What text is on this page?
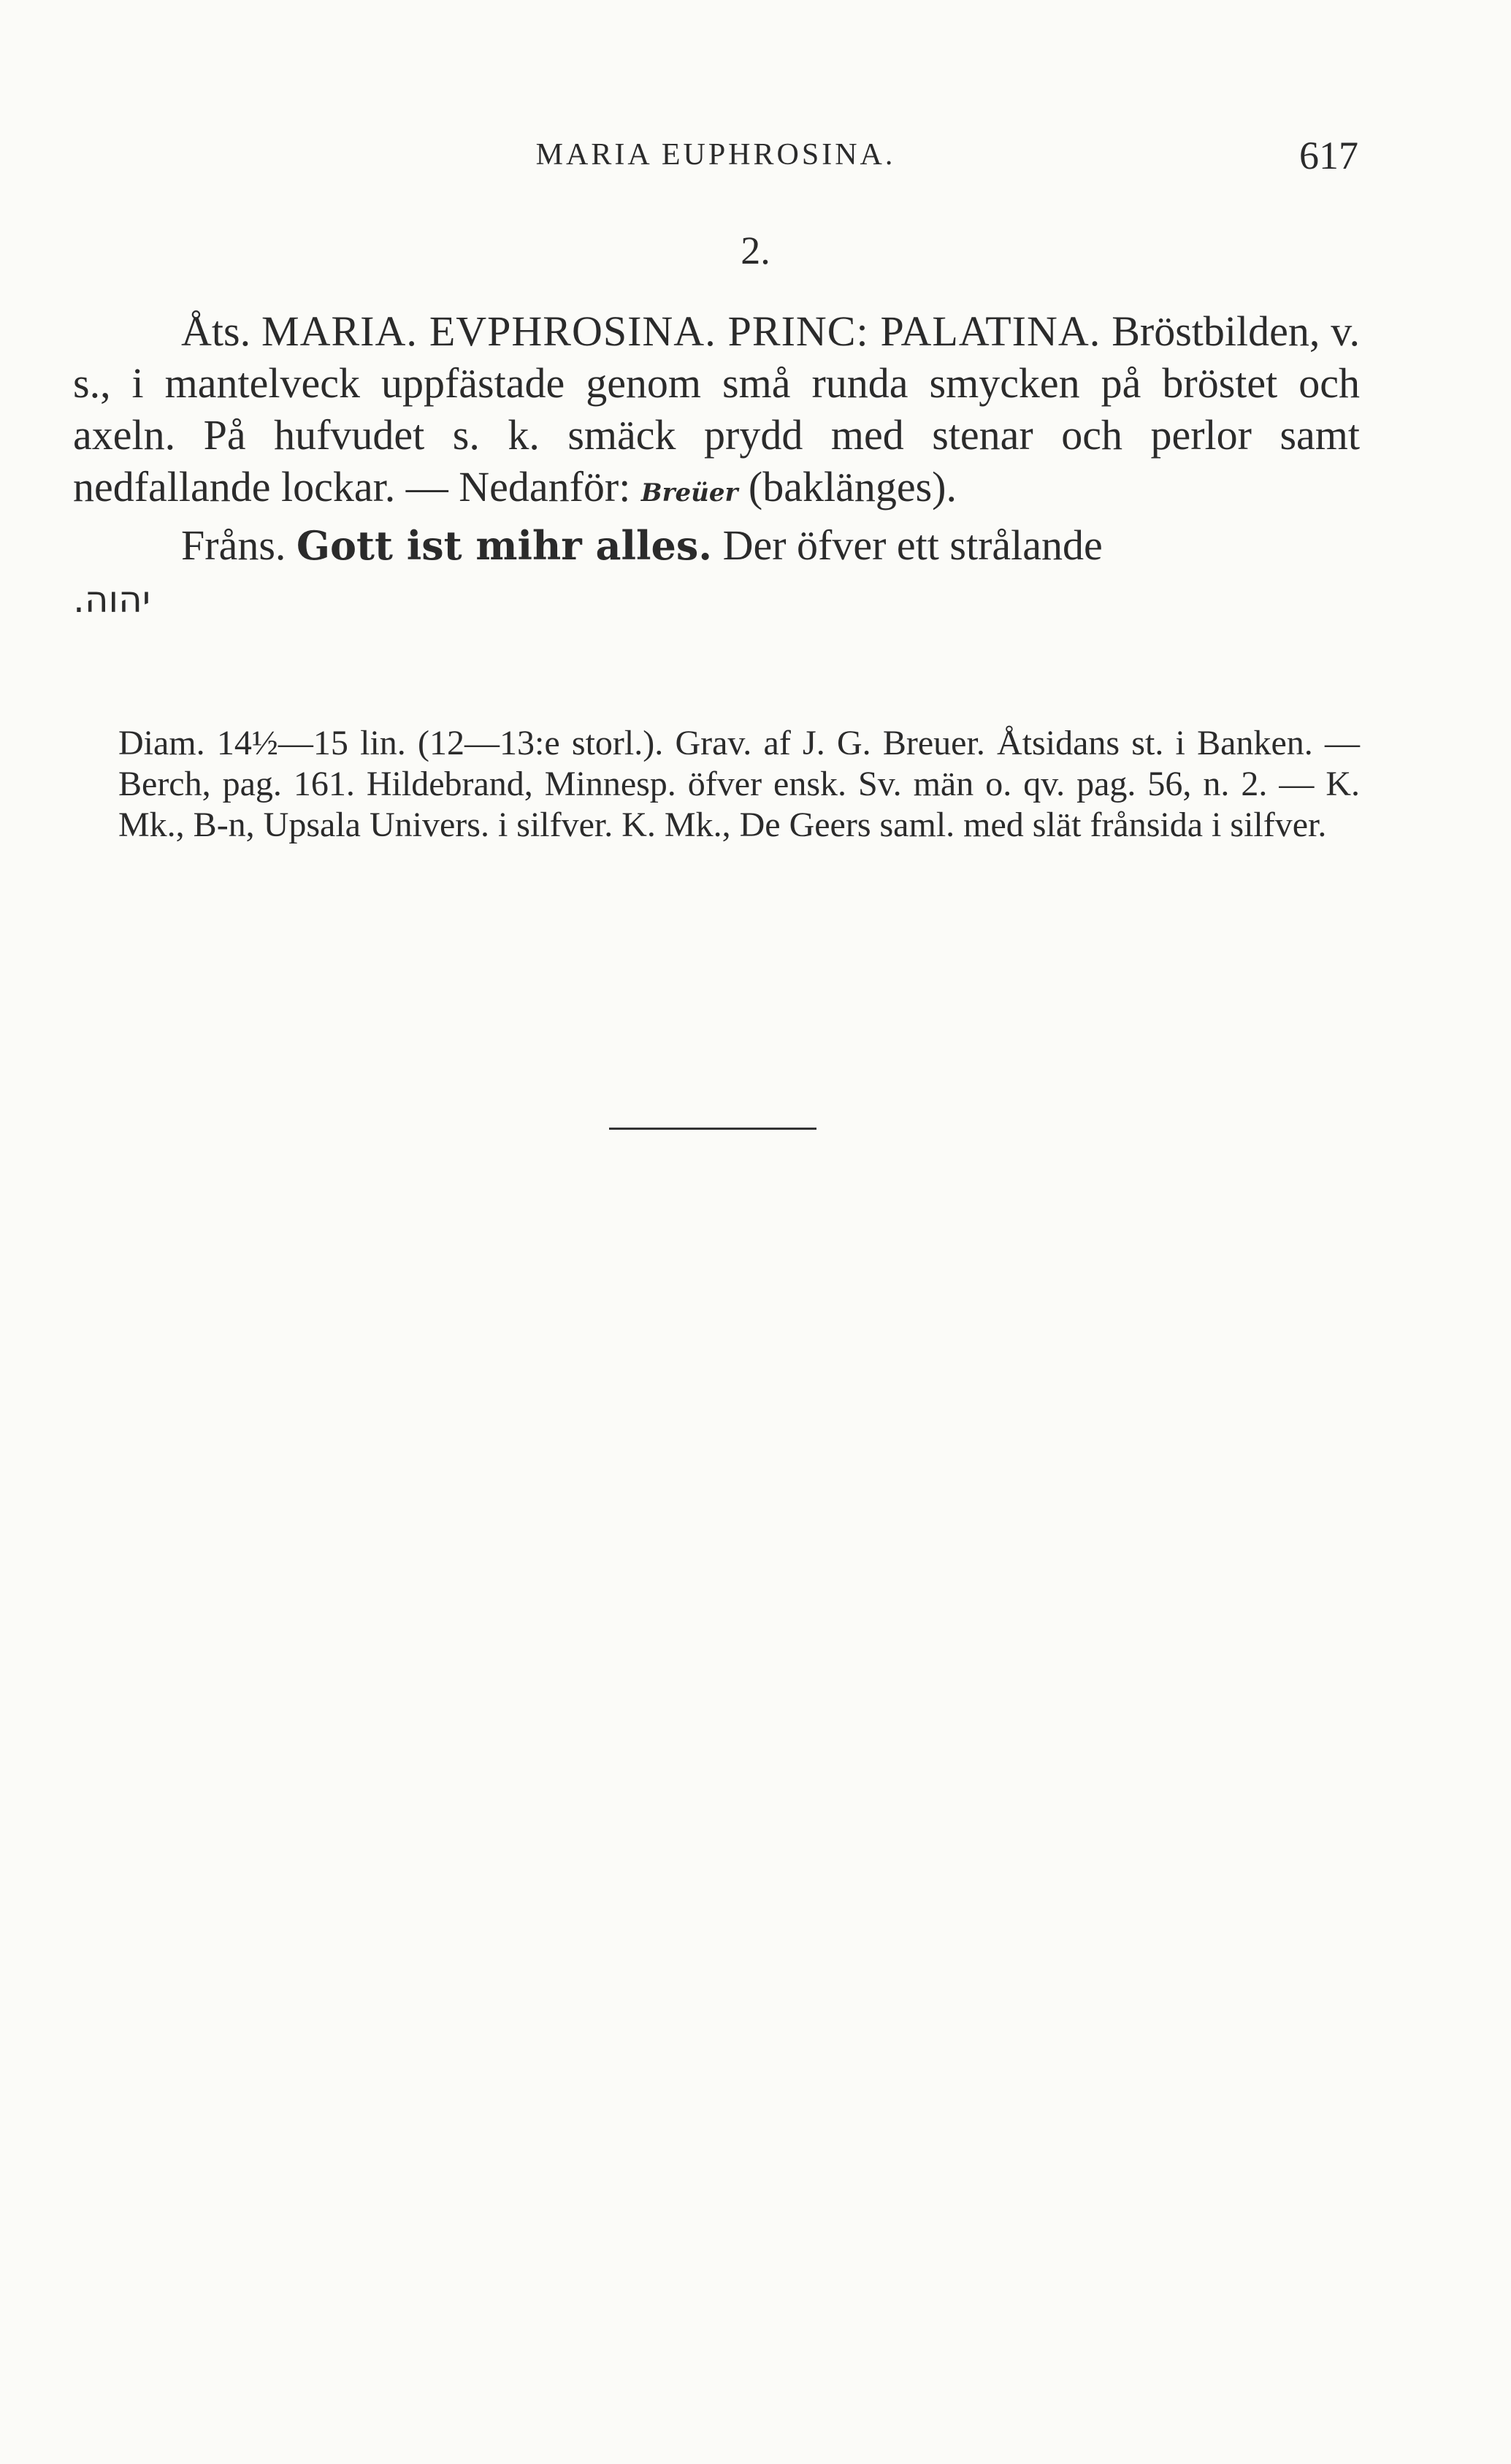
MARIA EUPHROSINA.	617
2.

Åts. MARIA. EVPHROSINA. PRINC: PALATINA. Bröstbilden, v. s., i mantelveck uppfästade genom små runda smycken på bröstet och axeln. På hufvudet s. k. smäck prydd med stenar och perlor samt nedfallande lockar. — Nedanför: Breüer (baklänges).

Fråns. Gott ist mihr alles. Der öfver ett strålande

יהוה.

Diam. 14½—15 lin. (12—13:e storl.). Grav. af J. G. Breuer. Åtsidans st. i Banken. — Berch, pag. 161. Hildebrand, Minnesp. öfver ensk. Sv. män o. qv. pag. 56, n. 2. — K. Mk., B-n, Upsala Univers. i silfver. K. Mk., De Geers saml. med slät frånsida i silfver.
